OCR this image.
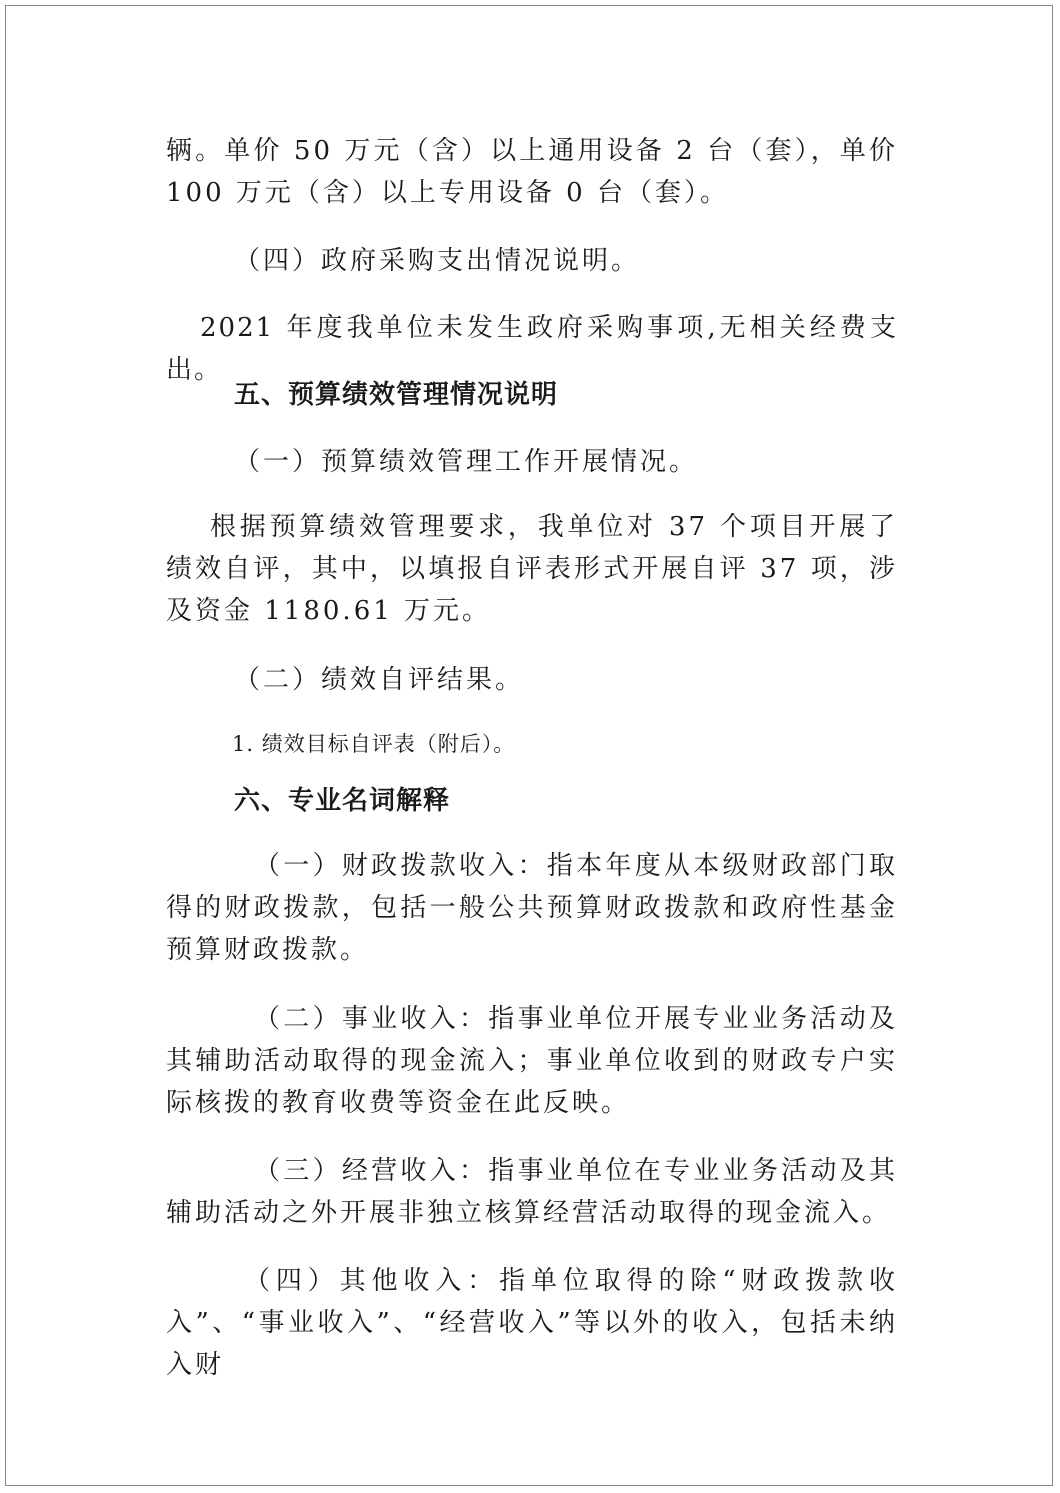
辆。单价 50 万元（含）以上通用设备 2 台（套），单价 100 万元（含）以上专用设备 0 台（套）。

（四）政府采购支出情况说明。

2021 年度我单位未发生政府采购事项,无相关经费支出。

五、预算绩效管理情况说明

（一）预算绩效管理工作开展情况。

根据预算绩效管理要求，我单位对 37 个项目开展了绩效自评，其中，以填报自评表形式开展自评 37 项，涉及资金 1180.61 万元。

（二）绩效自评结果。

1. 绩效目标自评表（附后）。

六、专业名词解释

（一）财政拨款收入：指本年度从本级财政部门取得的财政拨款，包括一般公共预算财政拨款和政府性基金预算财政拨款。

（二）事业收入：指事业单位开展专业业务活动及其辅助活动取得的现金流入；事业单位收到的财政专户实际核拨的教育收费等资金在此反映。

（三）经营收入：指事业单位在专业业务活动及其辅助活动之外开展非独立核算经营活动取得的现金流入。

（四）其他收入：指单位取得的除“财政拨款收入”、“事业收入”、“经营收入”等以外的收入，包括未纳入财
